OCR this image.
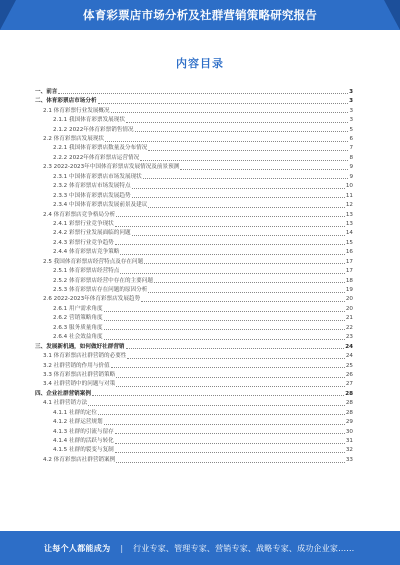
体育彩票店市场分析及社群营销策略研究报告
内容目录
一、前言	3
二、体育彩票店市场分析	3
2.1 体育彩票行业发展概况	3
2.1.1 我国体育彩票发展现状	3
2.1.2 2022年体育彩票销售情况	5
2.2 体育彩票店发展现状	6
2.2.1 我国体育彩票店数量及分布情况	7
2.2.2 2022年体育彩票店运营情况	8
2.3 2022-2023年中国体育彩票店发展情况及前景预测	9
2.3.1 中国体育彩票店市场发展现状	9
2.3.2 体育彩票店市场发展特点	10
2.3.3 中国体育彩票店发展趋势	11
2.3.4 中国体育彩票店发展前景及建议	12
2.4 体育彩票店竞争格局分析	13
2.4.1 彩票行业竞争现状	13
2.4.2 彩票行业发展面临的问题	14
2.4.3 彩票行业竞争趋势	15
2.4.4 体育彩票店竞争策略	16
2.5 我国体育彩票店经营特点及存在问题	17
2.5.1 体育彩票店经营特点	17
2.5.2 体育彩票店经营中存在的主要问题	18
2.5.3 体育彩票店存在问题的原因分析	19
2.6 2022-2023年体育彩票店发展趋势	20
2.6.1 用户需求角度	20
2.6.2 营销策略角度	21
2.6.3 服务质量角度	22
2.6.4 社会效益角度	23
三、发展新机遇，如何做好社群营销	24
3.1 体育彩票店社群营销的必要性	24
3.2 社群营销的作用与价值	25
3.3 体育彩票店社群营销策略	26
3.4 社群营销中的问题与对策	27
四、企业社群营销案例	28
4.1 社群营销方法	28
4.1.1 社群的定位	28
4.1.2 社群运营规划	29
4.1.3 社群的引流与留存	30
4.1.4 社群的活跃与转化	31
4.1.5 社群的裂变与复制	32
4.2 体育彩票店社群营销案例	33
让每个人都能成为 | 行业专家、管理专家、营销专家、战略专家、成功企业家……
